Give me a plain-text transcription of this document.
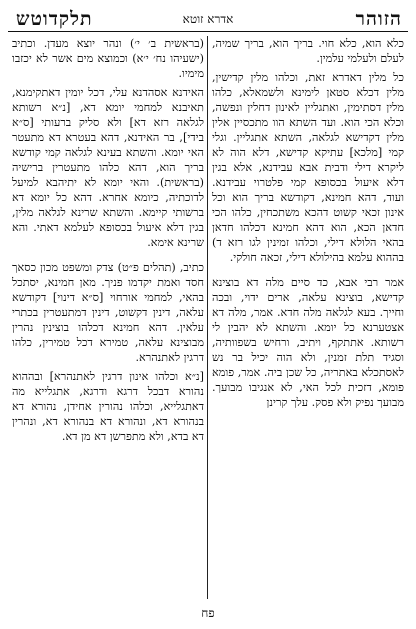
הזוהר
אדרא זוטא
תלקדוטש

כלא הוא, כלא חוי. בריך הוא, בריך שמיה, לעלם ולעלמי עלמין.

כל מלין דאדרא זאת, וכלהו מלין קדישין, מלין דכלא סטאן לימינא ולשמאלא, כלהו מלין דסתימין, ואתגליין לאינון דחלין ונפשה, וכלא הכי הוא. ועד השתא הוו מתכסיין אלין מלין דקדישא לגלאה, השתא אתגליין. וגלי קמי [מלכא] עתיקא קדישא, דלא הוה לא ליקרא דילי ודבית אבא עבידנא, אלא בגין דלא איעול בכסופא קמי פלטרוי עבידנא. ועוד, דהא חמינא, דקודשא בריך הוא וכל אינון זכאי קשוט דהכא משתכחין, כלהו הכי חדאן הכא, הוא דהא חמינא דכלהו חדאן בהאי הלולא דילי, וכלהו זמינין לגו רזא ד) בההוא עלמא בהילולא דילי, זכאה חולקי.

אמר רבי אבא, כד סיים מלה דא בוצינא קדישא, בוצינא עלאה, ארים ידוי, ובכה וחייך. בעא לגלאה מלה חדא. אמר, מלה דא אצטערנא כל יומא. והשתא לא יהבין לי רשותא. אתתקף, ויתיב, ורחיש בשפוותיה, וסגיד תלת זמנין, ולא הוה יכיל בר נש לאסתכלא באתריה, כל שכן ביה. אמר, פומא פומא, דזכית לכל האי, לא אנגיבו מבועך. מבועך נפיק ולא פסק. עלך קרינן

(בראשית ב׳ י׳) ונהר יוצא מעדן. וכתיב (ישעיהו נח׳ י׳א) וכמוצא מים אשר לא יכזבו מימיו.

האידנא אסהדנא עלי, דכל יומין דאתקימנא, תאיבנא למחמי יומא דא, [נ״א רשותא לגלאה רזא דא] ולא סליק ברעותי [ס״א בידי], בר האידנא, דהא בעטרא דא מתעטר האי יומא. והשתא בעינא לגלאה קמי קודשא בריך הוא, דהא כלהו מתעטרין ברישיה (בראשית). והאי יומא לא יתיהבא למיעל לדוכתיה, כיומא אחרא. דהא כל יומא דא ברשותי קיימא. והשתא שרינא לגלאה מלין, בגין דלא איעול בכסופא לעלמא דאתי. והא שרינא אימא.

כתיב, (תהלים פ״ט) צדק ומשפט מכון כסאך חסד ואמת יקדמו פניך. מאן חמינא, יסתכל בהאי, למחמי אורחוי [ס״א דינוי] דקודשא עלאה, דינין דקשוט, דינין דמתעטרין בכתרי עלאין. דהא חמינא דכלהו בוצינין נהרין מבוצינא עלאה, טמירא דכל טמירין, כלהו דרגין לאתנהרא.

[נ״א וכלהו אינון דרגין לאתנהרא] ובההוא נהורא דבכל דרגא ודרגא, אתגלייא מה דאתגלייא, וכלהו נהורין אחידן, נהורא דא בנהורא דא, ונהורא דא בנהורא דא, ונהרין דא בדא, ולא מתפרשן דא מן דא.

פח
